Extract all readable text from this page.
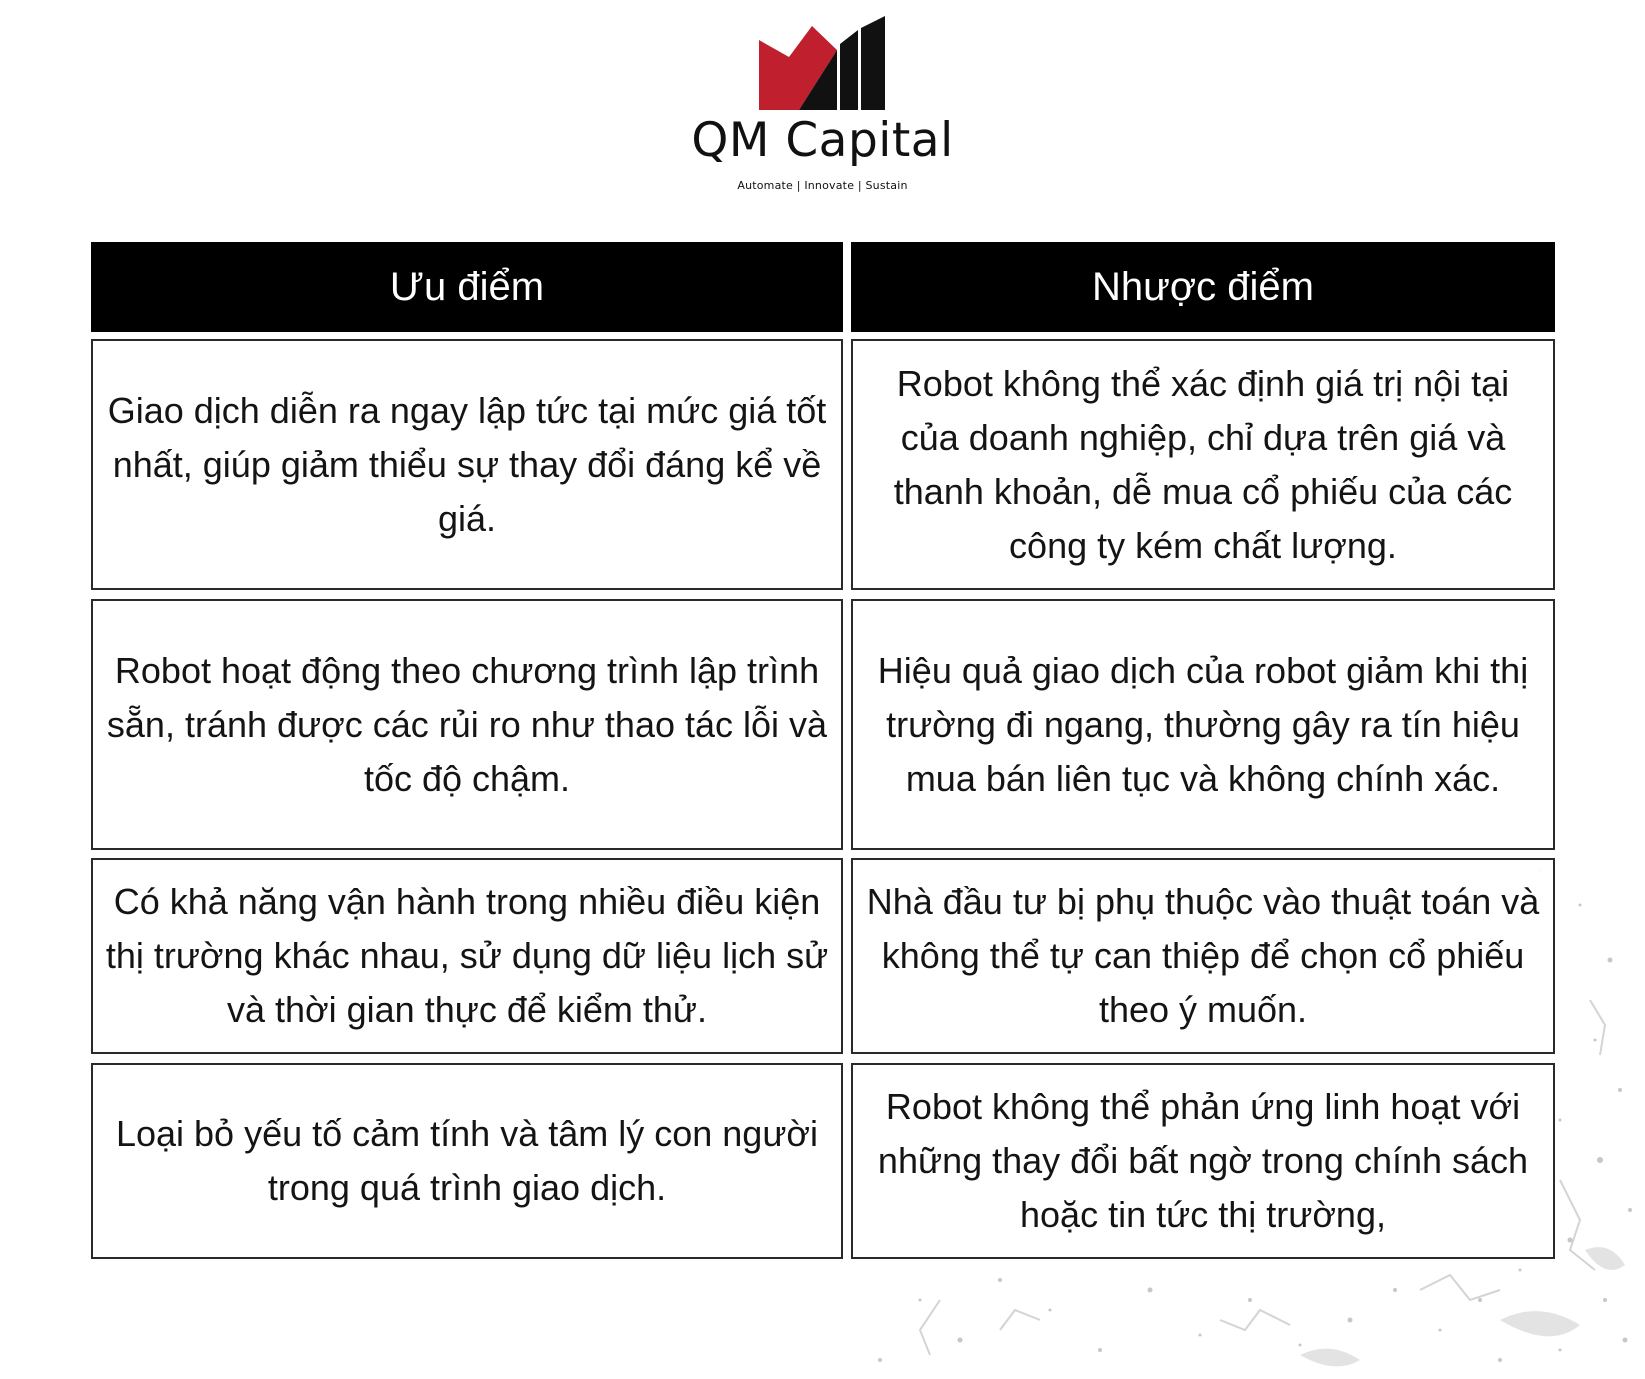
QM Capital
Automate | Innovate | Sustain
Ưu điểm	Nhược điểm
Giao dịch diễn ra ngay lập tức tại mức giá tốt nhất, giúp giảm thiểu sự thay đổi đáng kể về giá.
Robot không thể xác định giá trị nội tại của doanh nghiệp, chỉ dựa trên giá và thanh khoản, dễ mua cổ phiếu của các công ty kém chất lượng.
Robot hoạt động theo chương trình lập trình sẵn, tránh được các rủi ro như thao tác lỗi và tốc độ chậm.
Hiệu quả giao dịch của robot giảm khi thị trường đi ngang, thường gây ra tín hiệu mua bán liên tục và không chính xác.
Có khả năng vận hành trong nhiều điều kiện thị trường khác nhau, sử dụng dữ liệu lịch sử và thời gian thực để kiểm thử.
Nhà đầu tư bị phụ thuộc vào thuật toán và không thể tự can thiệp để chọn cổ phiếu theo ý muốn.
Loại bỏ yếu tố cảm tính và tâm lý con người trong quá trình giao dịch.
Robot không thể phản ứng linh hoạt với những thay đổi bất ngờ trong chính sách hoặc tin tức thị trường,
